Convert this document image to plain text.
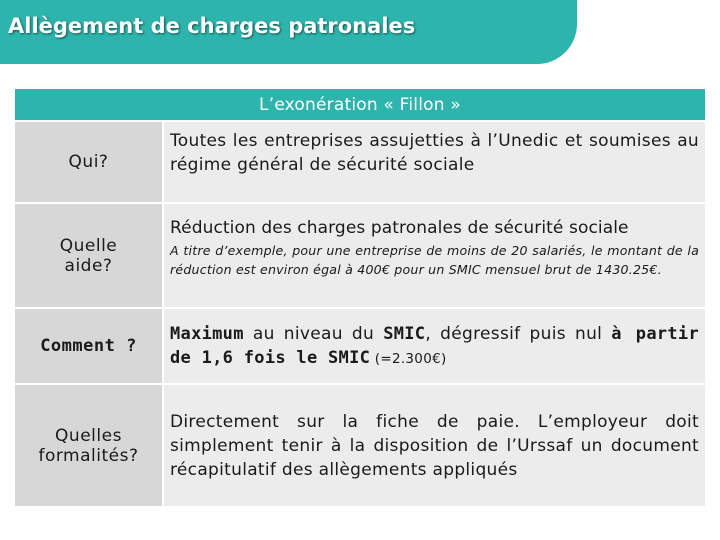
Allègement de charges patronales
L’exonération « Fillon »
Qui?
Toutes les entreprises assujetties à l’Unedic et soumises au régime général de sécurité sociale
Quelle aide?
Réduction des charges patronales de sécurité sociale
A titre d’exemple, pour une entreprise de moins de 20 salariés, le montant de la réduction est environ égal à 400€ pour un SMIC mensuel brut de 1430.25€.
Comment ?
Maximum au niveau du SMIC, dégressif puis nul à partir de 1,6 fois le SMIC (=2.300€)
Quelles formalités?
Directement sur la fiche de paie. L’employeur doit simplement tenir à la disposition de l’Urssaf un document récapitulatif des allègements appliqués
